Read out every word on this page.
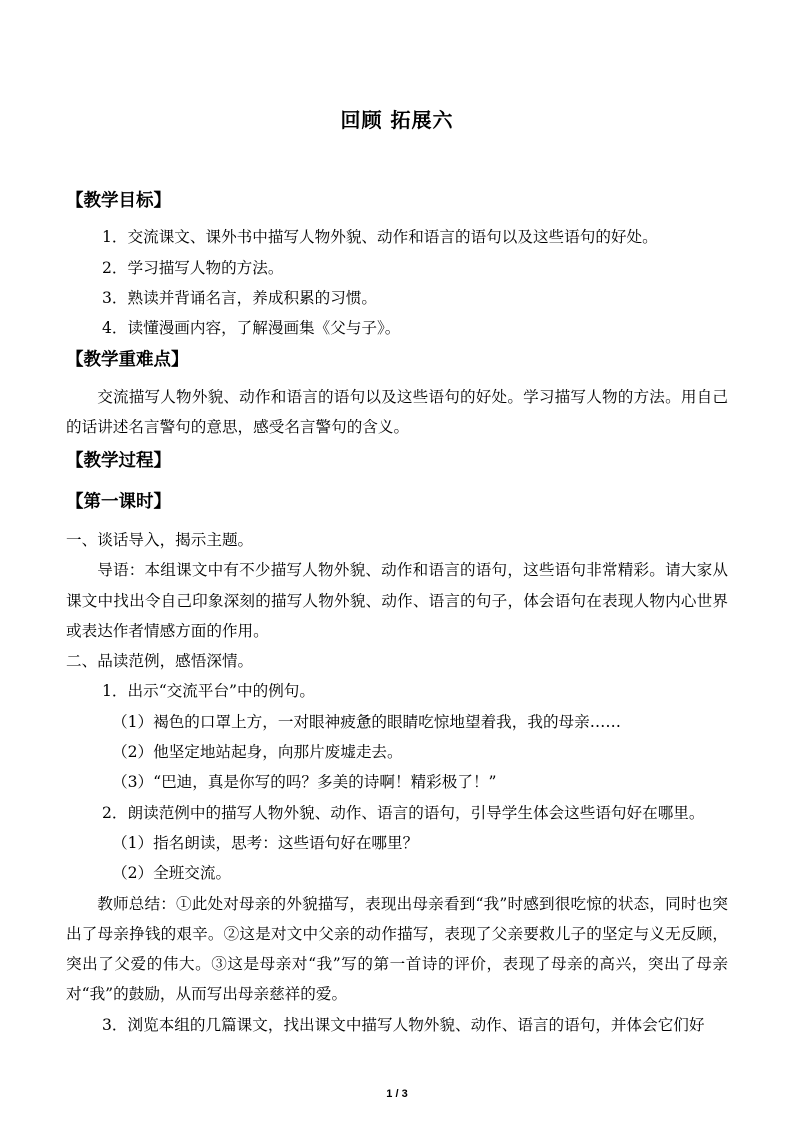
回顾 拓展六
【教学目标】
1．交流课文、课外书中描写人物外貌、动作和语言的语句以及这些语句的好处。
2．学习描写人物的方法。
3．熟读并背诵名言，养成积累的习惯。
4．读懂漫画内容，了解漫画集《父与子》。
【教学重难点】
交流描写人物外貌、动作和语言的语句以及这些语句的好处。学习描写人物的方法。用自己的话讲述名言警句的意思，感受名言警句的含义。
【教学过程】
【第一课时】
一、谈话导入，揭示主题。
导语：本组课文中有不少描写人物外貌、动作和语言的语句，这些语句非常精彩。请大家从课文中找出令自己印象深刻的描写人物外貌、动作、语言的句子，体会语句在表现人物内心世界或表达作者情感方面的作用。
二、品读范例，感悟深情。
1．出示“交流平台”中的例句。
（1）褐色的口罩上方，一对眼神疲惫的眼睛吃惊地望着我，我的母亲……
（2）他坚定地站起身，向那片废墟走去。
（3）“巴迪，真是你写的吗？多美的诗啊！精彩极了！”
2．朗读范例中的描写人物外貌、动作、语言的语句，引导学生体会这些语句好在哪里。
（1）指名朗读，思考：这些语句好在哪里？
（2）全班交流。
教师总结：①此处对母亲的外貌描写，表现出母亲看到“我”时感到很吃惊的状态，同时也突出了母亲挣钱的艰辛。②这是对文中父亲的动作描写，表现了父亲要救儿子的坚定与义无反顾，突出了父爱的伟大。③这是母亲对“我”写的第一首诗的评价，表现了母亲的高兴，突出了母亲对“我”的鼓励，从而写出母亲慈祥的爱。
3．浏览本组的几篇课文，找出课文中描写人物外貌、动作、语言的语句，并体会它们好
1 / 3
